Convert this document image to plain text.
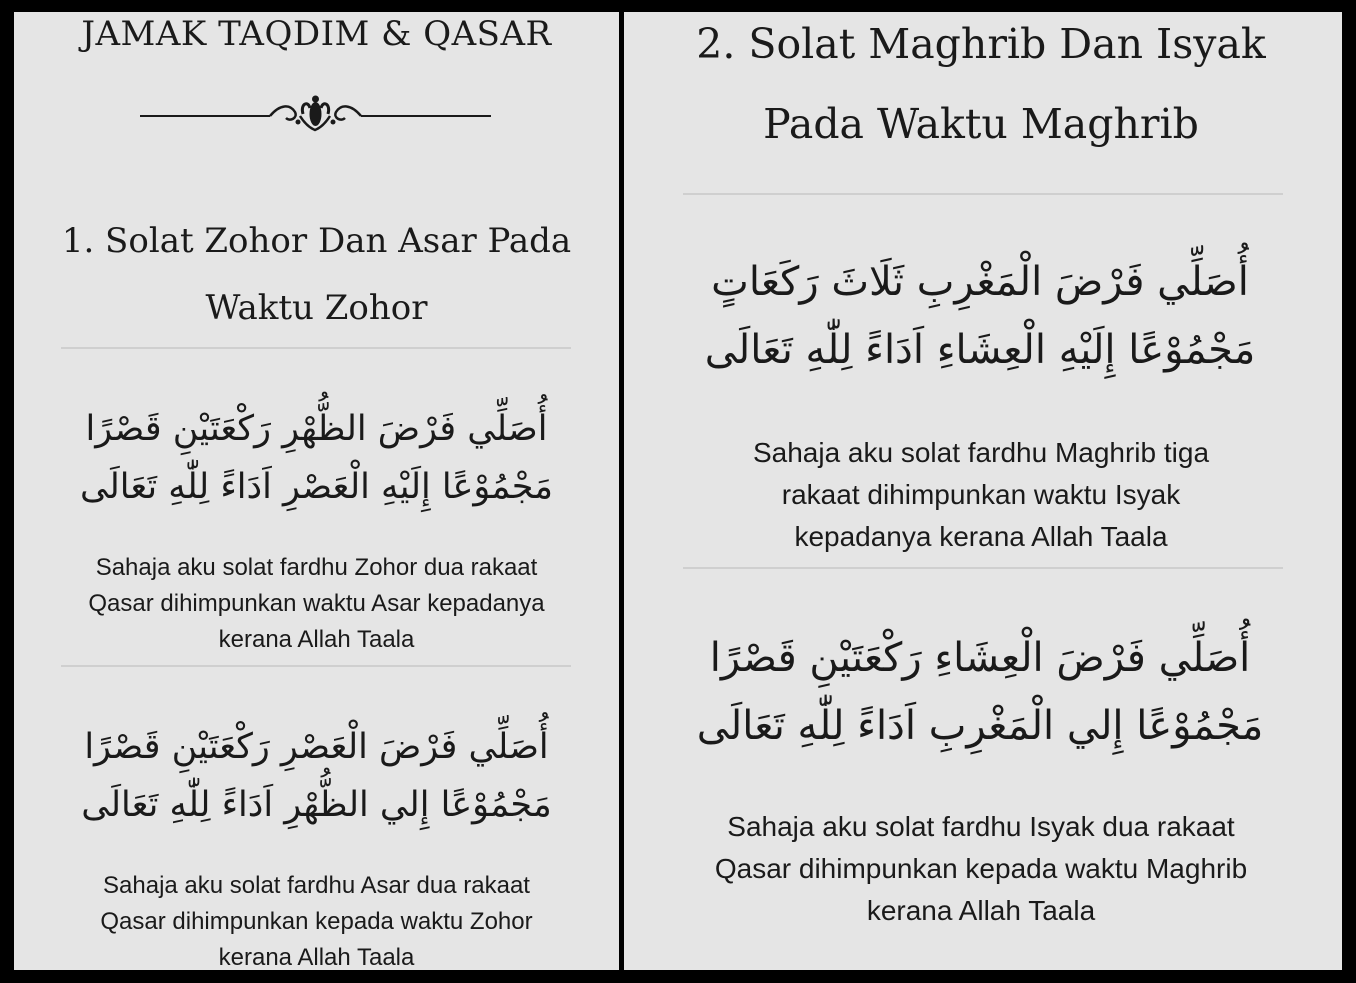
JAMAK TAQDIM & QASAR
1. Solat Zohor Dan Asar Pada
Waktu Zohor
أُصَلِّي فَرْضَ الظُّهْرِ رَكْعَتَيْنِ قَصْرًا
مَجْمُوْعًا إِلَيْهِ الْعَصْرِ اَدَاءً لِلّٰهِ تَعَالَى
Sahaja aku solat fardhu Zohor dua rakaat
Qasar dihimpunkan waktu Asar kepadanya
kerana Allah Taala
أُصَلِّي فَرْضَ الْعَصْرِ رَكْعَتَيْنِ قَصْرًا
مَجْمُوْعًا إِلي الظُّهْرِ اَدَاءً لِلّٰهِ تَعَالَى
Sahaja aku solat fardhu Asar dua rakaat
Qasar dihimpunkan kepada waktu Zohor
kerana Allah Taala
2. Solat Maghrib Dan Isyak
Pada Waktu Maghrib
أُصَلِّي فَرْضَ الْمَغْرِبِ ثَلَاثَ رَكَعَاتٍ
مَجْمُوْعًا إِلَيْهِ الْعِشَاءِ اَدَاءً لِلّٰهِ تَعَالَى
Sahaja aku solat fardhu Maghrib tiga
rakaat dihimpunkan waktu Isyak
kepadanya kerana Allah Taala
أُصَلِّي فَرْضَ الْعِشَاءِ رَكْعَتَيْنِ قَصْرًا
مَجْمُوْعًا إِلي الْمَغْرِبِ اَدَاءً لِلّٰهِ تَعَالَى
Sahaja aku solat fardhu Isyak dua rakaat
Qasar dihimpunkan kepada waktu Maghrib
kerana Allah Taala
